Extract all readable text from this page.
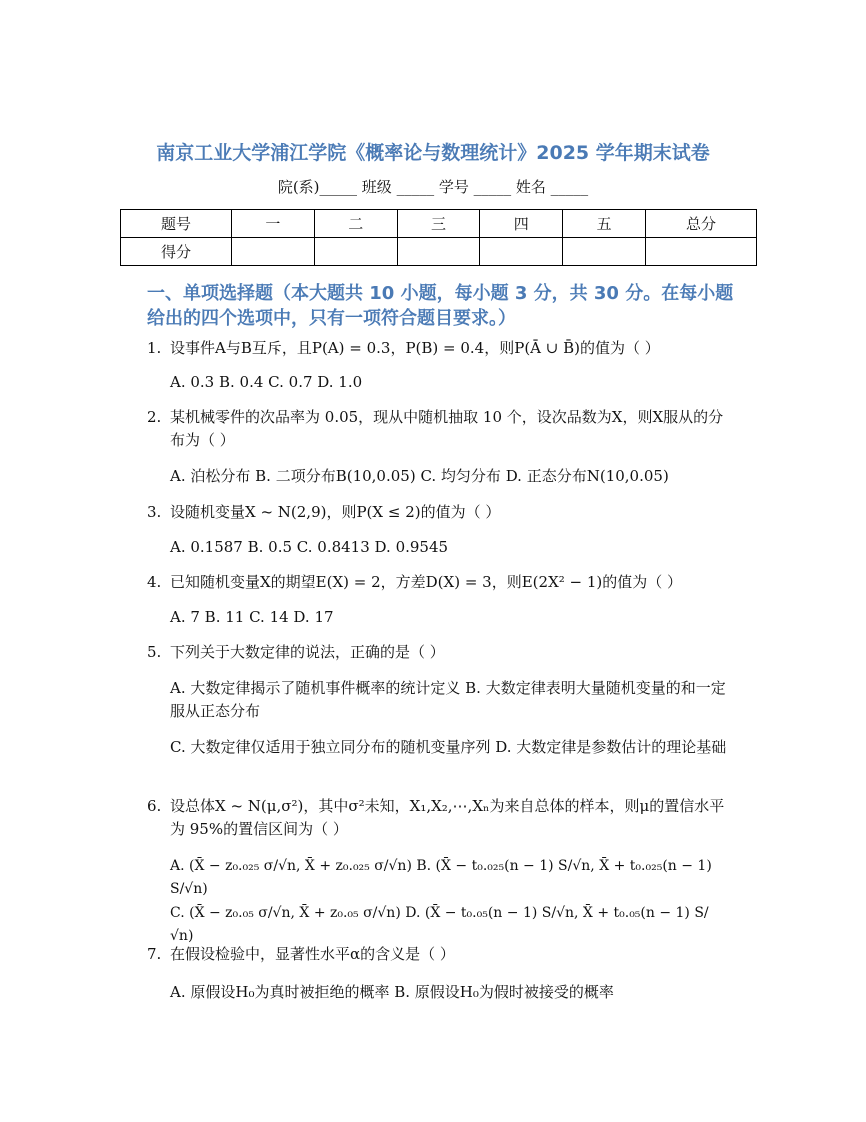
南京工业大学浦江学院《概率论与数理统计》2025 学年期末试卷
院(系)_____ 班级 _____ 学号 _____ 姓名 _____
题号	一	二	三	四	五	总分
得分						
一、单项选择题（本大题共 10 小题，每小题 3 分，共 30 分。在每小题给出的四个选项中，只有一项符合题目要求。）
1. 设事件A与B互斥，且P(A) = 0.3，P(B) = 0.4，则P(Ā ∪ B̄)的值为（ ）
A. 0.3 B. 0.4 C. 0.7 D. 1.0
2. 某机械零件的次品率为 0.05，现从中随机抽取 10 个，设次品数为X，则X服从的分布为（ ）
A. 泊松分布 B. 二项分布B(10,0.05) C. 均匀分布 D. 正态分布N(10,0.05)
3. 设随机变量X ~ N(2,9)，则P(X ≤ 2)的值为（ ）
A. 0.1587 B. 0.5 C. 0.8413 D. 0.9545
4. 已知随机变量X的期望E(X) = 2，方差D(X) = 3，则E(2X² − 1)的值为（ ）
A. 7 B. 11 C. 14 D. 17
5. 下列关于大数定律的说法，正确的是（ ）
A. 大数定律揭示了随机事件概率的统计定义 B. 大数定律表明大量随机变量的和一定服从正态分布
C. 大数定律仅适用于独立同分布的随机变量序列 D. 大数定律是参数估计的理论基础
6. 设总体X ~ N(μ,σ²)，其中σ²未知，X₁,X₂,⋯,Xₙ为来自总体的样本，则μ的置信水平为 95%的置信区间为（ ）
A. (X̄ − z₀.₀₂₅ σ/√n, X̄ + z₀.₀₂₅ σ/√n) B. (X̄ − t₀.₀₂₅(n − 1) S/√n, X̄ + t₀.₀₂₅(n − 1) S/√n)
C. (X̄ − z₀.₀₅ σ/√n, X̄ + z₀.₀₅ σ/√n) D. (X̄ − t₀.₀₅(n − 1) S/√n, X̄ + t₀.₀₅(n − 1) S/√n)
7. 在假设检验中，显著性水平α的含义是（ ）
A. 原假设H₀为真时被拒绝的概率 B. 原假设H₀为假时被接受的概率
